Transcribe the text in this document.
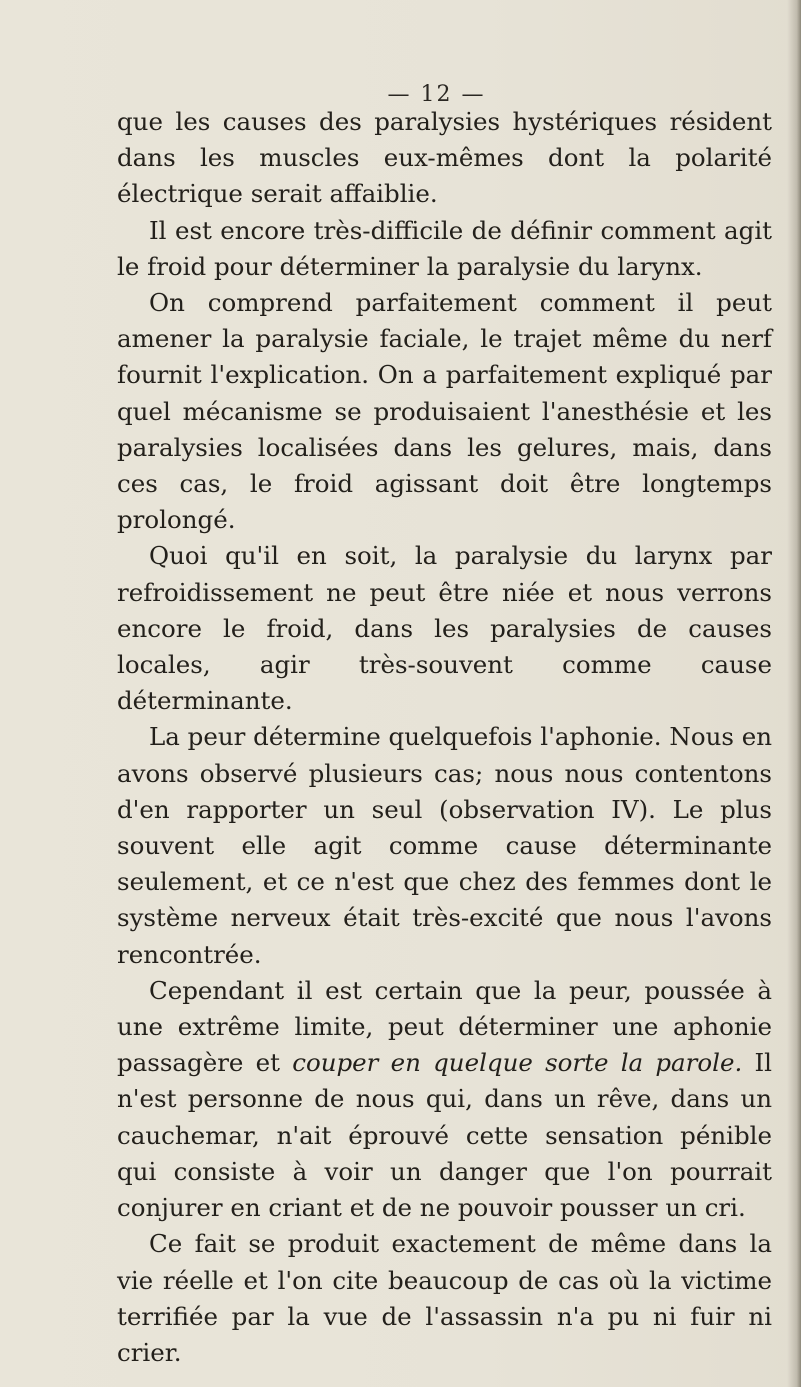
— 12 —

que les causes des paralysies hystériques résident dans les muscles eux-mêmes dont la polarité électrique serait affaiblie.

Il est encore très-difficile de définir comment agit le froid pour déterminer la paralysie du larynx.

On comprend parfaitement comment il peut amener la paralysie faciale, le trajet même du nerf fournit l'explication. On a parfaitement expliqué par quel mécanisme se produisaient l'anesthésie et les paralysies localisées dans les gelures, mais, dans ces cas, le froid agissant doit être longtemps prolongé.

Quoi qu'il en soit, la paralysie du larynx par refroidissement ne peut être niée et nous verrons encore le froid, dans les paralysies de causes locales, agir très-souvent comme cause déterminante.

La peur détermine quelquefois l'aphonie. Nous en avons observé plusieurs cas; nous nous contentons d'en rapporter un seul (observation IV). Le plus souvent elle agit comme cause déterminante seulement, et ce n'est que chez des femmes dont le système nerveux était très-excité que nous l'avons rencontrée.

Cependant il est certain que la peur, poussée à une extrême limite, peut déterminer une aphonie passagère et couper en quelque sorte la parole. Il n'est personne de nous qui, dans un rêve, dans un cauchemar, n'ait éprouvé cette sensation pénible qui consiste à voir un danger que l'on pourrait conjurer en criant et de ne pouvoir pousser un cri.

Ce fait se produit exactement de même dans la vie réelle et l'on cite beaucoup de cas où la victime terrifiée par la vue de l'assassin n'a pu ni fuir ni crier.
